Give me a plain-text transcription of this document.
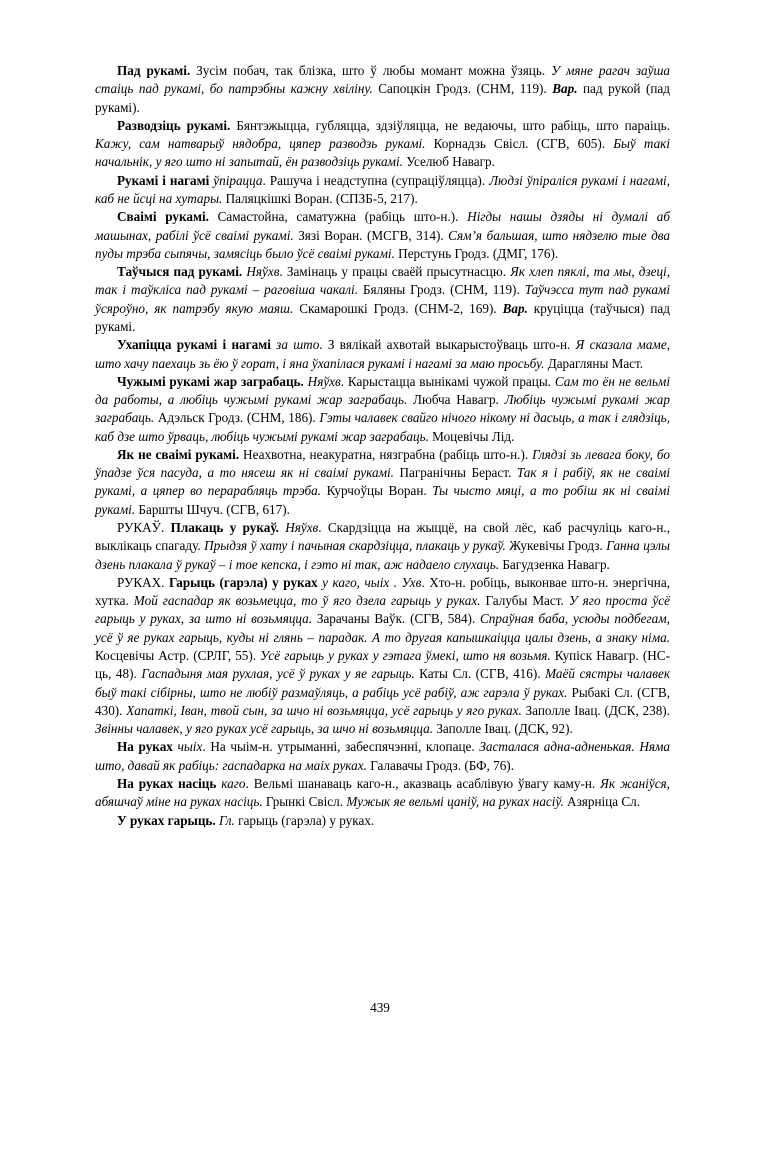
Пад рукамі. Зусім побач, так блізка, што ў любы момант можна ўзяць. У мяне рагач заўша стаіць пад рукамі, бо патрэбны кажну хвіліну. Сапоцкін Гродз. (СНМ, 119). Вар. пад рукой (пад рукамі).

Разводзіць рукамі. Бянтэжыцца, губляцца, здзіўляцца, не ведаючы, што рабіць, што параіць. Кажу, сам натварыў нядобра, цяпер разводзь рукамі. Корнадзь Свісл. (СГВ, 605). Быў такі начальнік, у яго што ні запытай, ён разводзіць рукамі. Уселюб Навагр.

Рукамі і нагамі ўпірацца. Рашуча і неадступна (супраціўляцца). Людзі ўпіраліся рукамі і нагамі, каб не йсці на хутары. Паляцкішкі Воран. (СПЗБ-5, 217).

Сваімі рукамі. Самастойна, саматужна (рабіць што-н.). Нігды нашы дзяды ні думалі аб машынах, рабілі ўсё сваімі рукамі. Зязі Воран. (МСГВ, 314). Сям’я бальшая, што нядзелю тые два пуды трэба сыпячы, замясіць было ўсё сваімі рукамі. Перстунь Гродз. (ДМГ, 176).

Таўчыся пад рукамі. Няўхв. Замінаць у працы сваёй прысутнасцю. Як хлеп пяклі, та мы, дзеці, так і таўкліса пад рукамі – раговіша чакалі. Бяляны Гродз. (СНМ, 119). Таўчэсса тут пад рукамі ўсяроўно, як патрэбу якую маяш. Скамарошкі Гродз. (СНМ-2, 169). Вар. круціцца (таўчыся) пад рукамі.

Ухапіцца рукамі і нагамі за што. З вялікай ахвотай выкарыстоўваць што-н. Я сказала маме, што хачу паехаць зь ёю ў горат, і яна ўхапілася рукамі і нагамі за маю просьбу. Дарагляны Маст.

Чужымі рукамі жар заграбаць. Няўхв. Карыстацца вынікамі чужой працы. Сам то ён не вельмі да работы, а любіць чужымі рукамі жар заграбаць. Любча Навагр. Любіць чужымі рукамі жар заграбаць. Адэльск Гродз. (СНМ, 186). Гэты чалавек свайго нічого нікому ні дасьць, а так і глядзіць, каб дзе што ўрваць, любіць чужымі рукамі жар заграбаць. Моцевічы Лід.

Як не сваімі рукамі. Неахвотна, неакуратна, нязграбна (рабіць што-н.). Глядзі зь левага боку, бо ўпадзе ўся пасуда, а то нясеш як ні сваімі рукамі. Пагранічны Бераст. Так я і рабіў, як не сваімі рукамі, а цяпер во перарабляць трэба. Курчоўцы Воран. Ты чысто мяці, а то робіш як ні сваімі рукамі. Баршты Шчуч. (СГВ, 617).

РУКАЎ. Плакаць у рукаў. Няўхв. Скардзіцца на жыццё, на свой лёс, каб расчуліць каго-н., выклікаць спагаду. Прыдзя ў хату і пачыная скардзіцца, плакаць у рукаў. Жукевічы Гродз. Ганна цэлы дзень плакала ў рукаў – і тое кепска, і гэто ні так, аж надаело слухаць. Багудзенка Навагр.

РУКАХ. Гарыць (гарэла) у руках у каго, чыіх . Ухв. Хто-н. робіць, выконвае што-н. энергічна, хутка. Мой гаспадар як возьмецца, то ў яго дзела гарыць у руках. Галубы Маст. У яго проста ўсё гарыць у руках, за што ні возьмяцца. Зарачаны Ваўк. (СГВ, 584). Спраўная баба, усюды подбегам, усё ў яе руках гарыць, куды ні глянь – парадак. А то другая капышкаіцца цалы дзень, а знаку німа. Косцевічы Астр. (СРЛГ, 55). Усё гарыць у руках у гэтага ўмекі, што ня возьмя. Купіск Навагр. (НС-ць, 48). Гаспадыня мая рухлая, усё ў руках у яе гарыць. Каты Сл. (СГВ, 416). Маёй сястры чалавек быў такі сібірны, што не любіў размаўляць, а рабіць усё рабіў, аж гарэла ў руках. Рыбакі Сл. (СГВ, 430). Хапаткі, Іван, твой сын, за шчо ні возьмяцца, усё гарыць у яго руках. Заполле Івац. (ДСК, 238). Звінны чалавек, у яго руках усё гарыць, за шчо ні возьмяцца. Заполле Івац. (ДСК, 92).

На руках чыіх. На чыім-н. утрыманні, забеспячэнні, клопаце. Засталася адна-адненькая. Няма што, давай як рабіць: гаспадарка на маіх руках. Галавачы Гродз. (БФ, 76).

На руках насіць каго. Вельмі шанаваць каго-н., аказваць асаблівую ўвагу каму-н. Як жаніўся, абяшчаў міне на руках насіць. Грынкі Свісл. Мужык яе вельмі цаніў, на руках насіў. Азярніца Сл.

У руках гарыць. Гл. гарыць (гарэла) у руках.

439
